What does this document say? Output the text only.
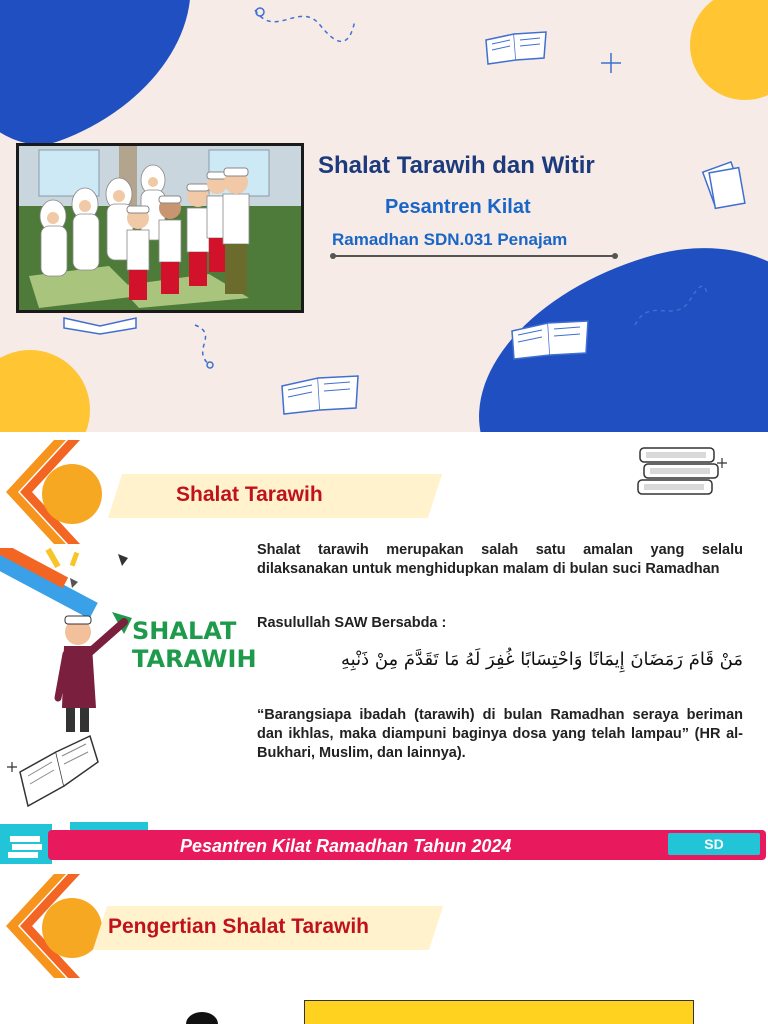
Shalat Tarawih dan Witir
Pesantren Kilat
Ramadhan SDN.031 Penajam
Shalat Tarawih
SHALAT
TARAWIH
Shalat tarawih merupakan salah satu amalan yang selalu dilaksanakan untuk menghidupkan malam di bulan suci Ramadhan
Rasulullah SAW Bersabda :
مَنْ قَامَ رَمَضَانَ إِيمَانًا وَاحْتِسَابًا غُفِرَ لَهُ مَا تَقَدَّمَ مِنْ ذَنْبِهِ
“Barangsiapa ibadah (tarawih) di bulan Ramadhan seraya beriman dan ikhlas, maka diampuni baginya dosa yang telah lampau” (HR al-Bukhari, Muslim, dan lainnya).
Pesantren Kilat Ramadhan Tahun 2024	SD
Pengertian Shalat Tarawih
